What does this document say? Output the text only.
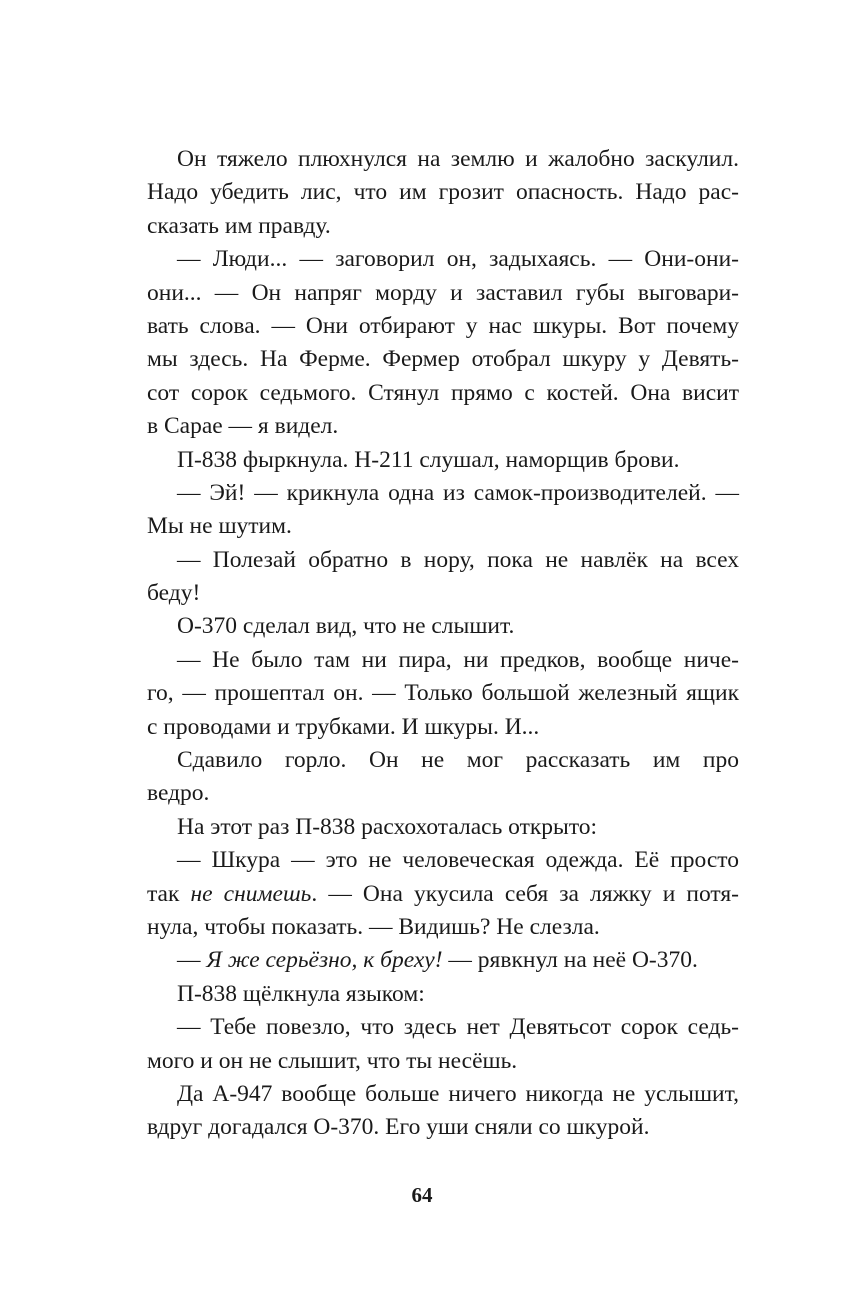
Он тяжело плюхнулся на землю и жалобно заскулил.
Надо убедить лис, что им грозит опасность. Надо рас-
сказать им правду.
— Люди... — заговорил он, задыхаясь. — Они-они-
они... — Он напряг морду и заставил губы выговари-
вать слова. — Они отбирают у нас шкуры. Вот почему
мы здесь. На Ферме. Фермер отобрал шкуру у Девять-
сот сорок седьмого. Стянул прямо с костей. Она висит
в Сарае — я видел.
П-838 фыркнула. Н-211 слушал, наморщив брови.
— Эй! — крикнула одна из самок-производителей. —
Мы не шутим.
— Полезай обратно в нору, пока не навлёк на всех
беду!
О-370 сделал вид, что не слышит.
— Не было там ни пира, ни предков, вообще ниче-
го, — прошептал он. — Только большой железный ящик
с проводами и трубками. И шкуры. И...
Сдавило горло. Он не мог рассказать им про
ведро.
На этот раз П-838 расхохоталась открыто:
— Шкура — это не человеческая одежда. Её просто
так не снимешь. — Она укусила себя за ляжку и потя-
нула, чтобы показать. — Видишь? Не слезла.
— Я же серьёзно, к бреху! — рявкнул на неё О-370.
П-838 щёлкнула языком:
— Тебе повезло, что здесь нет Девятьсот сорок седь-
мого и он не слышит, что ты несёшь.
Да А-947 вообще больше ничего никогда не услышит,
вдруг догадался О-370. Его уши сняли со шкурой.
64
